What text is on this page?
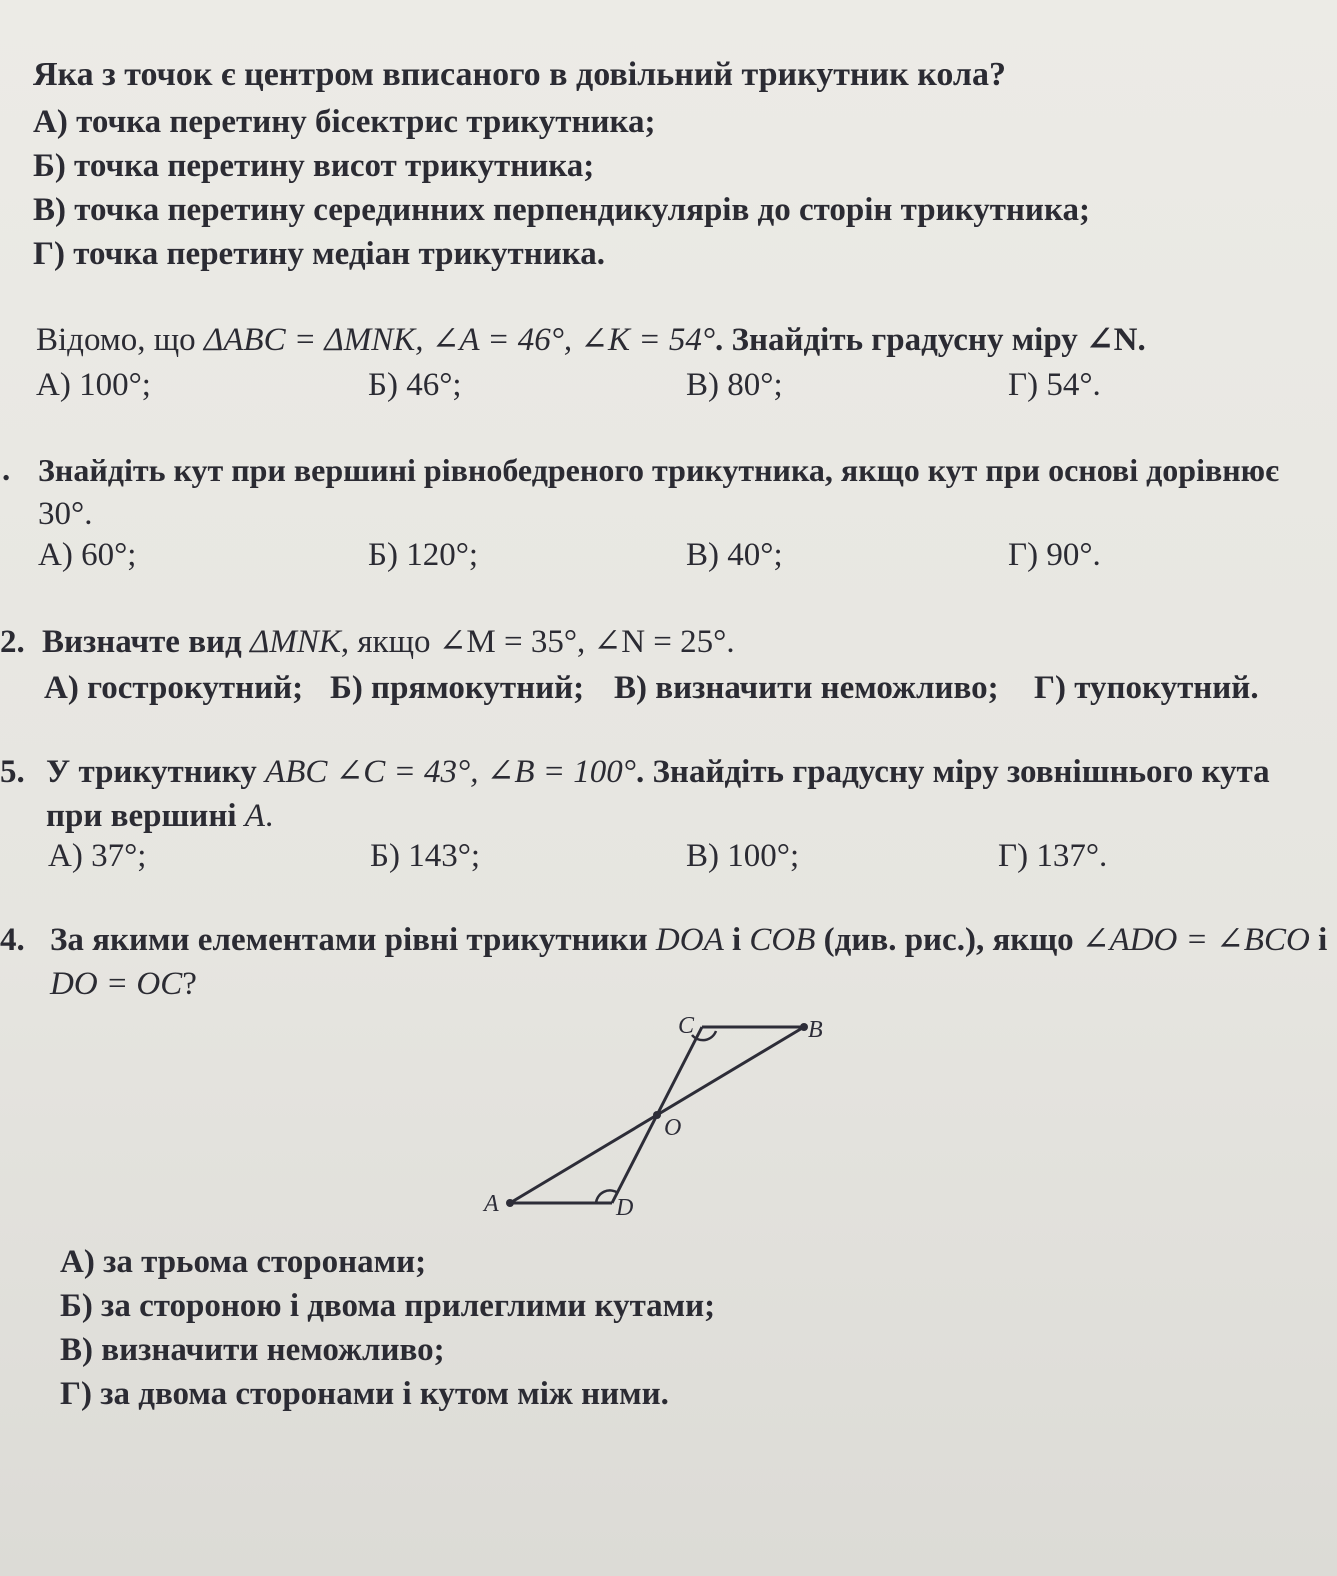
Яка з точок є центром вписаного в довільний трикутник кола?
А) точка перетину бісектрис трикутника;
Б) точка перетину висот трикутника;
В) точка перетину серединних перпендикулярів до сторін трикутника;
Г) точка перетину медіан трикутника.
Відомо, що ΔABC = ΔMNK, ∠A = 46°, ∠K = 54°. Знайдіть градусну міру ∠N.
А) 100°;	Б) 46°;	В) 80°;	Г) 54°.
. Знайдіть кут при вершині рівнобедреного трикутника, якщо кут при основі дорівнює
30°.
А) 60°;	Б) 120°;	В) 40°;	Г) 90°.
2. Визначте вид ΔMNK, якщо ∠M = 35°, ∠N = 25°.
А) гострокутний; Б) прямокутний; В) визначити неможливо; Г) тупокутний.
5. У трикутнику ABC ∠C = 43°, ∠B = 100°. Знайдіть градусну міру зовнішнього кута
при вершині A.
А) 37°;	Б) 143°;	В) 100°;	Г) 137°.
4. За якими елементами рівні трикутники DOA і COB (див. рис.), якщо ∠ADO = ∠BCO і
DO = OC?
C	B
O
A	D
А) за трьома сторонами;
Б) за стороною і двома прилеглими кутами;
В) визначити неможливо;
Г) за двома сторонами і кутом між ними.
